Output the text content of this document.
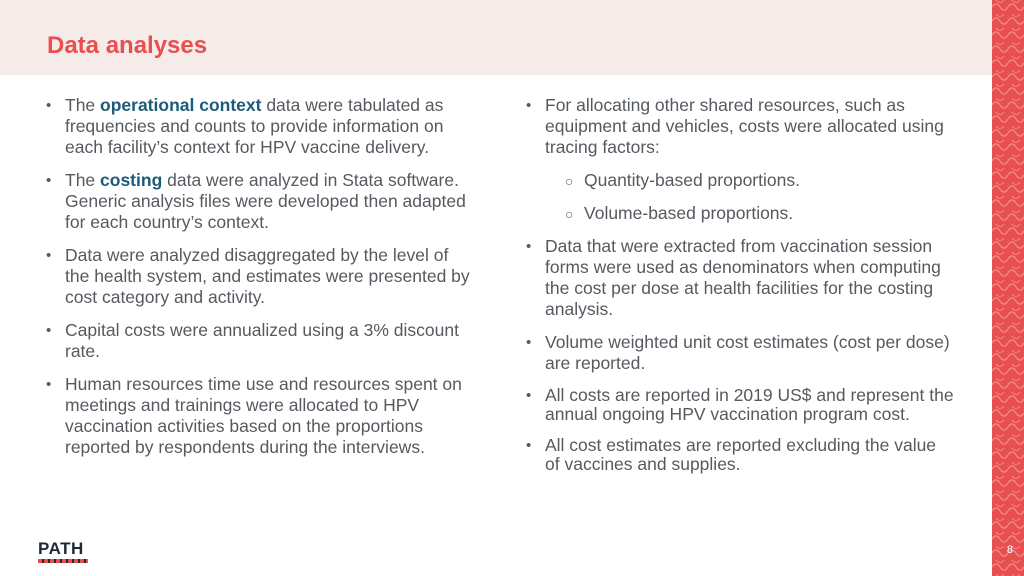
Data analyses
8
• The operational context data were tabulated as frequencies and counts to provide information on each facility’s context for HPV vaccine delivery.
• The costing data were analyzed in Stata software. Generic analysis files were developed then adapted for each country’s context.
• Data were analyzed disaggregated by the level of the health system, and estimates were presented by cost category and activity.
• Capital costs were annualized using a 3% discount rate.
• Human resources time use and resources spent on meetings and trainings were allocated to HPV vaccination activities based on the proportions reported by respondents during the interviews.
• For allocating other shared resources, such as equipment and vehicles, costs were allocated using tracing factors:
○ Quantity-based proportions.
○ Volume-based proportions.
• Data that were extracted from vaccination session forms were used as denominators when computing the cost per dose at health facilities for the costing analysis.
• Volume weighted unit cost estimates (cost per dose) are reported.
• All costs are reported in 2019 US$ and represent the annual ongoing HPV vaccination program cost.
• All cost estimates are reported excluding the value of vaccines and supplies.
PATH
